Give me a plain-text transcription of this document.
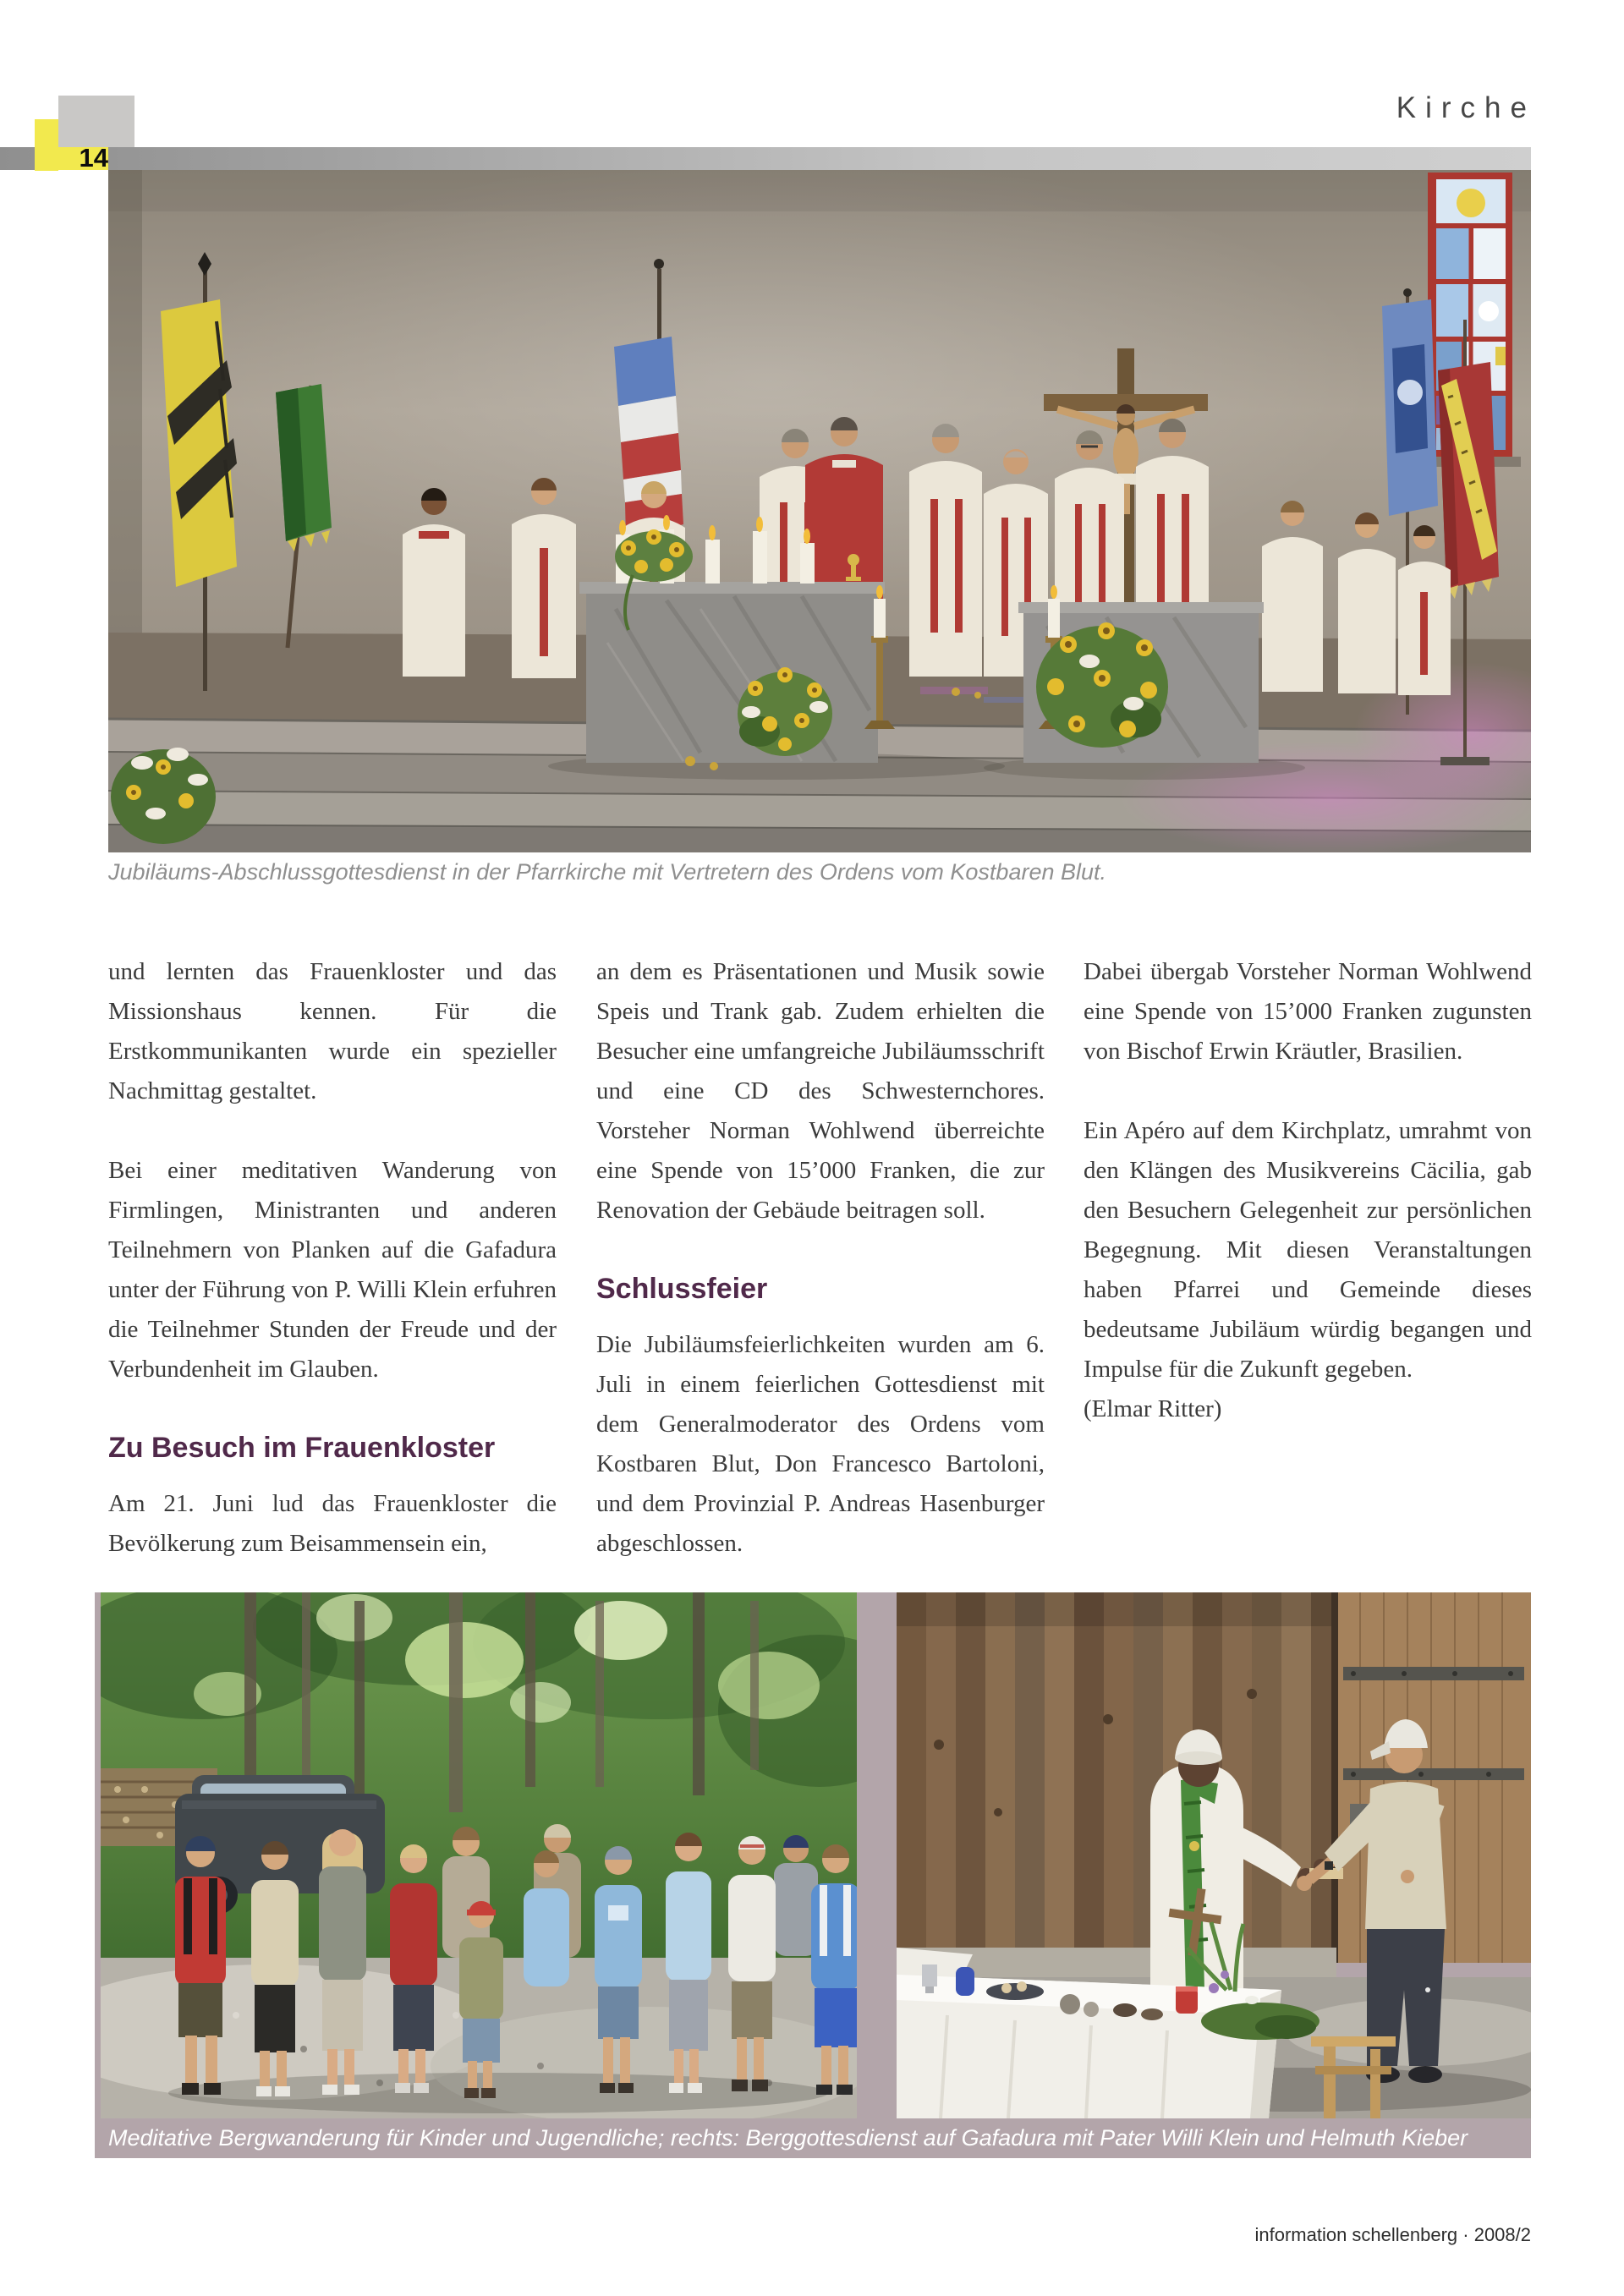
Kirche
14
Jubiläums-Abschlussgottesdienst in der Pfarrkirche mit Vertretern des Ordens vom Kostbaren Blut.

und lernten das Frauenkloster und das Missionshaus kennen. Für die Erstkommunikanten wurde ein spezieller Nachmittag gestaltet.

Bei einer meditativen Wanderung von Firmlingen, Ministranten und anderen Teilnehmern von Planken auf die Gafadura unter der Führung von P. Willi Klein erfuhren die Teilnehmer Stunden der Freude und der Verbundenheit im Glauben.

Zu Besuch im Frauenkloster

Am 21. Juni lud das Frauenkloster die Bevölkerung zum Beisammensein ein,

an dem es Präsentationen und Musik sowie Speis und Trank gab. Zudem erhielten die Besucher eine umfangreiche Jubiläumsschrift und eine CD des Schwesternchores. Vorsteher Norman Wohlwend überreichte eine Spende von 15’000 Franken, die zur Renovation der Gebäude beitragen soll.

Schlussfeier

Die Jubiläumsfeierlichkeiten wurden am 6. Juli in einem feierlichen Gottesdienst mit dem Generalmoderator des Ordens vom Kostbaren Blut, Don Francesco Bartoloni, und dem Provinzial P. Andreas Hasenburger abgeschlossen.

Dabei übergab Vorsteher Norman Wohlwend eine Spende von 15’000 Franken zugunsten von Bischof Erwin Kräutler, Brasilien.

Ein Apéro auf dem Kirchplatz, umrahmt von den Klängen des Musikvereins Cäcilia, gab den Besuchern Gelegenheit zur persönlichen Begegnung. Mit diesen Veranstaltungen haben Pfarrei und Gemeinde dieses bedeutsame Jubiläum würdig begangen und Impulse für die Zukunft gegeben.

(Elmar Ritter)

Meditative Bergwanderung für Kinder und Jugendliche; rechts: Berggottesdienst auf Gafadura mit Pater Willi Klein und Helmuth Kieber
information schellenberg · 2008/2
